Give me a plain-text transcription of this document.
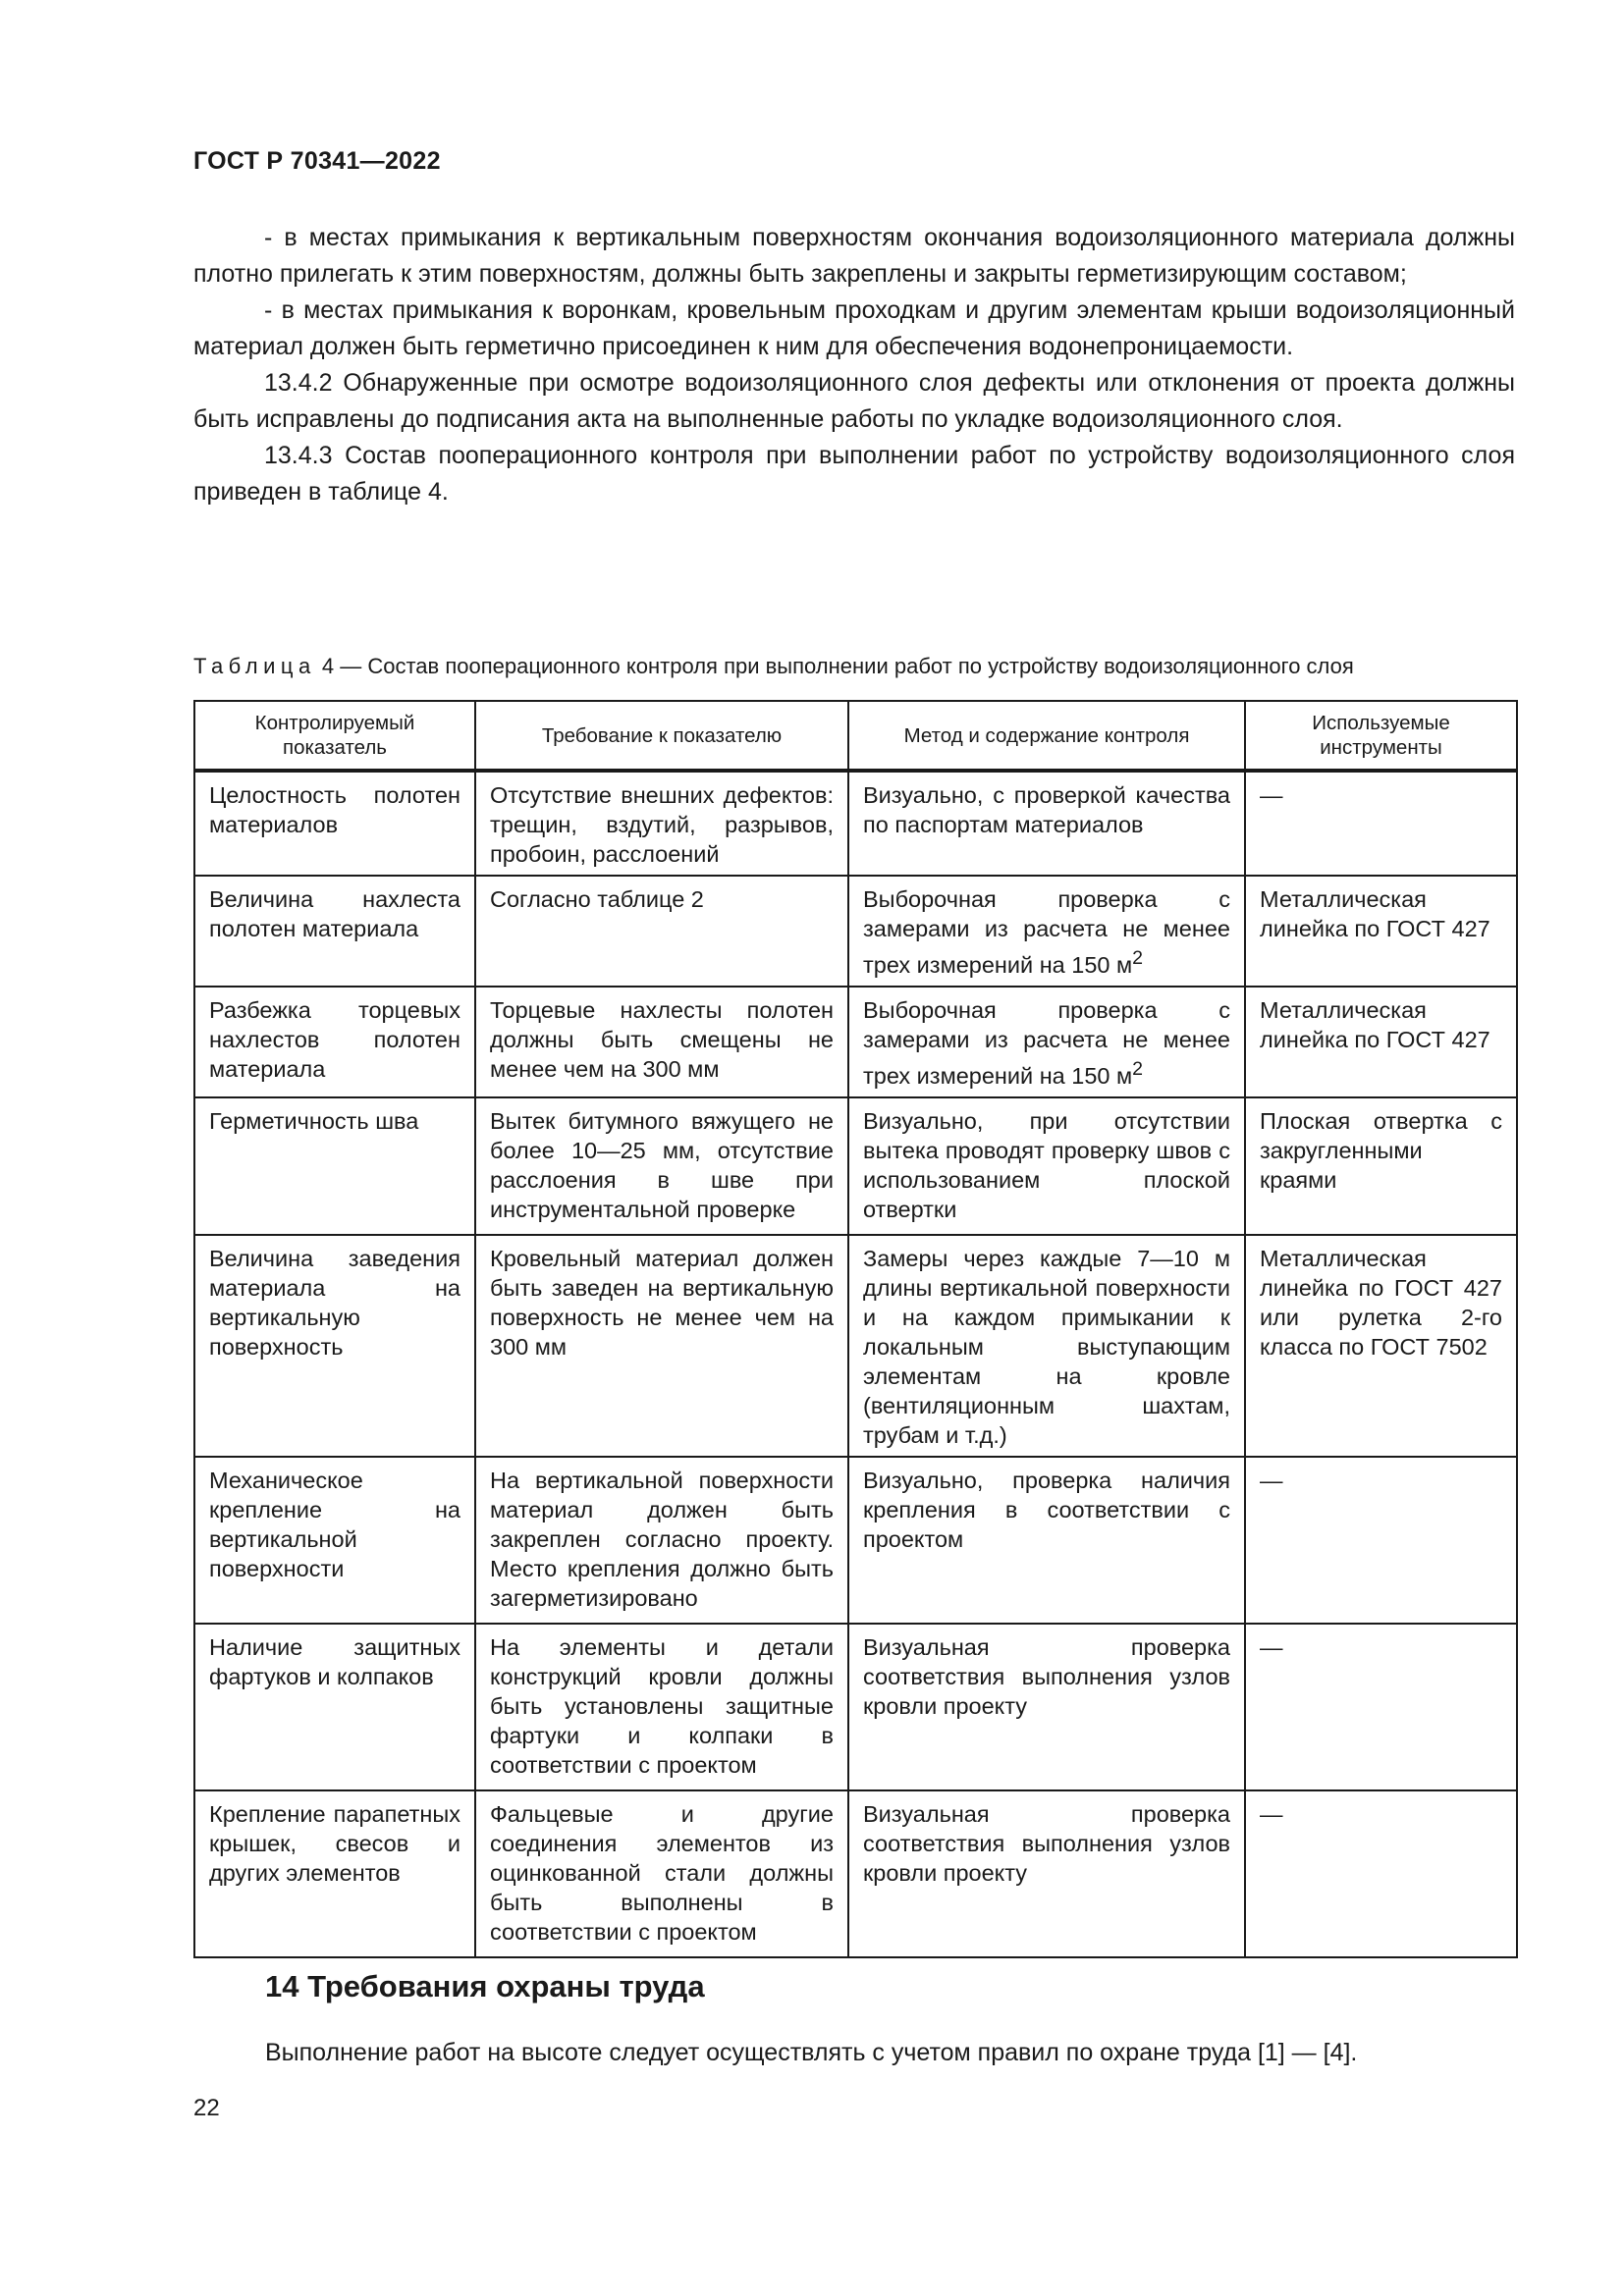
ГОСТ Р 70341—2022

- в местах примыкания к вертикальным поверхностям окончания водоизоляционного материала должны плотно прилегать к этим поверхностям, должны быть закреплены и закрыты герметизирующим составом;

- в местах примыкания к воронкам, кровельным проходкам и другим элементам крыши водоизоляционный материал должен быть герметично присоединен к ним для обеспечения водонепроницаемости.

13.4.2 Обнаруженные при осмотре водоизоляционного слоя дефекты или отклонения от проекта должны быть исправлены до подписания акта на выполненные работы по укладке водоизоляционного слоя.

13.4.3 Состав пооперационного контроля при выполнении работ по устройству водоизоляционного слоя приведен в таблице 4.

Таблица 4 — Состав пооперационного контроля при выполнении работ по устройству водоизоляционного слоя
Контролируемый показатель	Требование к показателю	Метод и содержание контроля	Используемые инструменты
Целостность полотен материалов	Отсутствие внешних дефектов: трещин, вздутий, разрывов, пробоин, расслоений	Визуально, с проверкой качества по паспортам материалов	—
Величина нахлеста полотен материала	Согласно таблице 2	Выборочная проверка с замерами из расчета не менее трех измерений на 150 $м^2$	Металлическая линейка по ГОСТ 427
Разбежка торцевых нахлестов полотен материала	Торцевые нахлесты полотен должны быть смещены не менее чем на 300 мм	Выборочная проверка с замерами из расчета не менее трех измерений на 150 $м^2$	Металлическая линейка по ГОСТ 427
Герметичность шва	Вытек битумного вяжущего не более 10—25 мм, отсутствие расслоения в шве при инструментальной проверке	Визуально, при отсутствии вытека проводят проверку швов с использованием плоской отвертки	Плоская отвертка с закругленными краями
Величина заведения материала на вертикальную поверхность	Кровельный материал должен быть заведен на вертикальную поверхность не менее чем на 300 мм	Замеры через каждые 7—10 м длины вертикальной поверхности и на каждом примыкании к локальным выступающим элементам на кровле (вентиляционным шахтам, трубам и т.д.)	Металлическая линейка по ГОСТ 427 или рулетка 2-го класса по ГОСТ 7502
Механическое крепление на вертикальной поверхности	На вертикальной поверхности материал должен быть закреплен согласно проекту. Место крепления должно быть загерметизировано	Визуально, проверка наличия крепления в соответствии с проектом	—
Наличие защитных фартуков и колпаков	На элементы и детали конструкций кровли должны быть установлены защитные фартуки и колпаки в соответствии с проектом	Визуальная проверка соответствия выполнения узлов кровли проекту	—
Крепление парапетных крышек, свесов и других элементов	Фальцевые и другие соединения элементов из оцинкованной стали должны быть выполнены в соответствии с проектом	Визуальная проверка соответствия выполнения узлов кровли проекту	—
14 Требования охраны труда
Выполнение работ на высоте следует осуществлять с учетом правил по охране труда [1] — [4].
22
